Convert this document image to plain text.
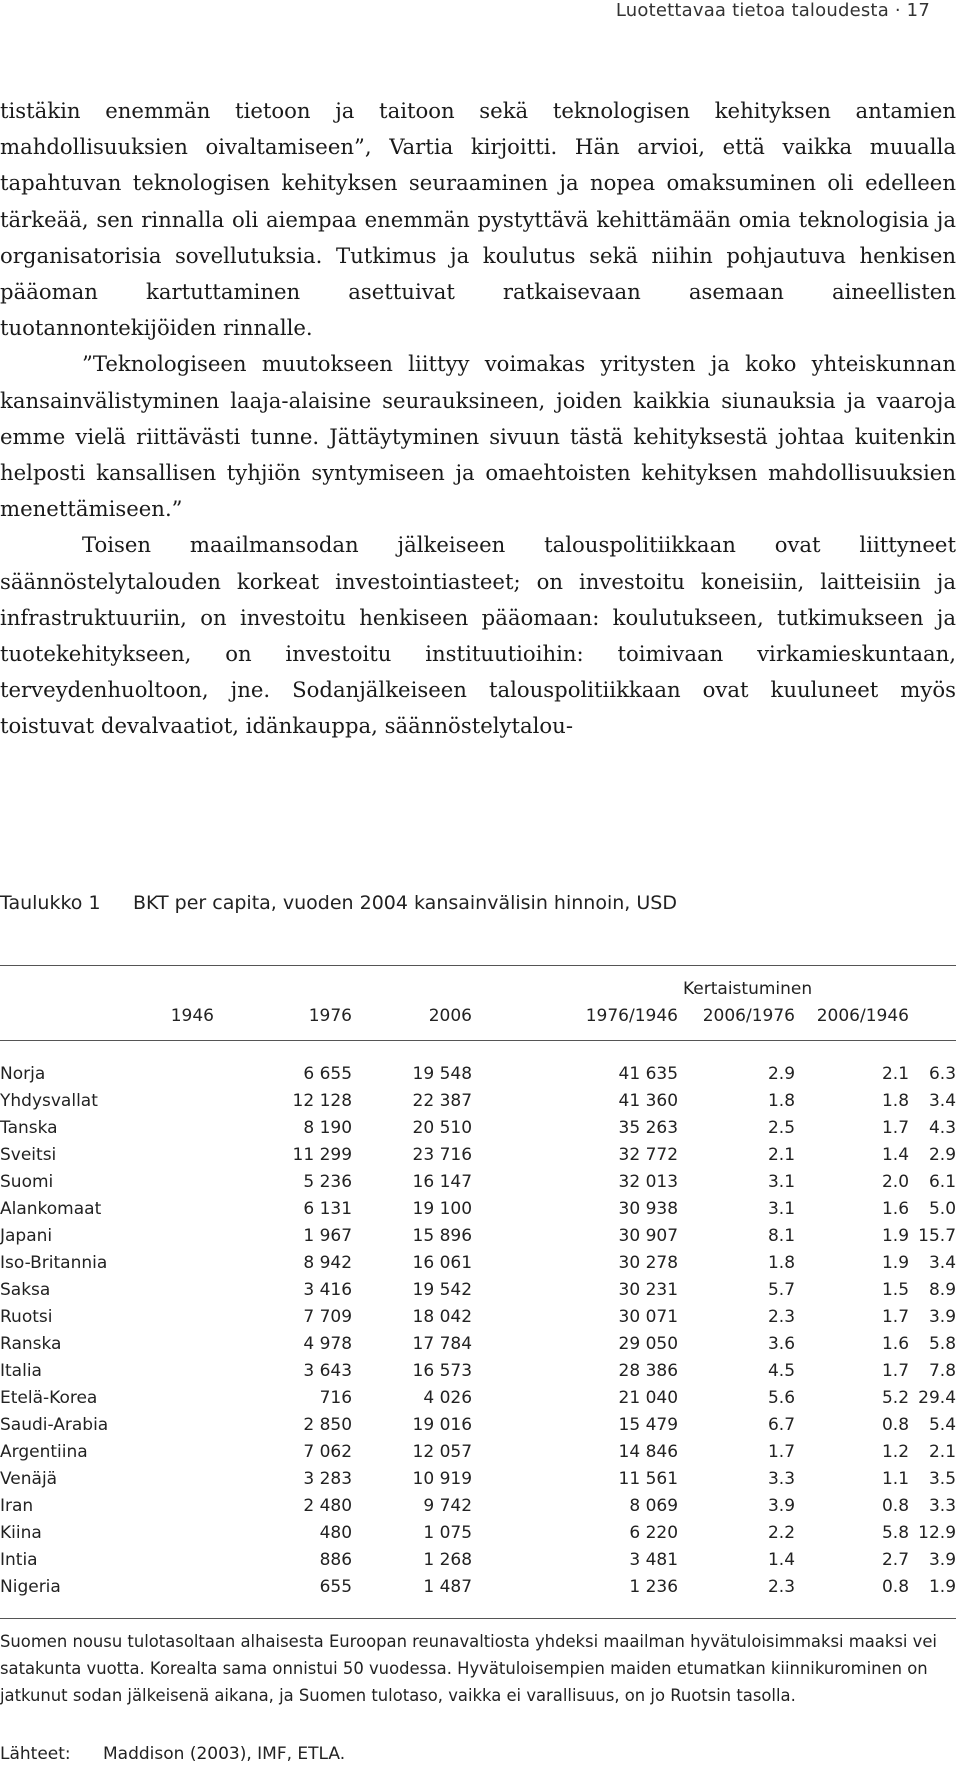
Luotettavaa tietoa taloudesta · 17

tistäkin enemmän tietoon ja taitoon sekä teknologisen kehityksen antamien mahdollisuuksien oivaltamiseen”, Vartia kirjoitti. Hän arvioi, että vaikka muualla tapahtuvan teknologisen kehityksen seuraaminen ja nopea omaksuminen oli edelleen tärkeää, sen rinnalla oli aiempaa enemmän pystyttävä kehittämään omia teknologisia ja organisatorisia sovellutuksia. Tutkimus ja koulutus sekä niihin pohjautuva henkisen pääoman kartuttaminen asettuivat ratkaisevaan asemaan aineellisten tuotannontekijöiden rinnalle.

”Teknologiseen muutokseen liittyy voimakas yritysten ja koko yhteiskunnan kansainvälistyminen laaja-alaisine seurauksineen, joiden kaikkia siunauksia ja vaaroja emme vielä riittävästi tunne. Jättäytyminen sivuun tästä kehityksestä johtaa kuitenkin helposti kansallisen tyhjiön syntymiseen ja omaehtoisten kehityksen mahdollisuuksien menettämiseen.”

Toisen maailmansodan jälkeiseen talouspolitiikkaan ovat liittyneet säännöstelytalouden korkeat investointiasteet; on investoitu koneisiin, laitteisiin ja infrastruktuuriin, on investoitu henkiseen pääomaan: koulutukseen, tutkimukseen ja tuotekehitykseen, on investoitu instituutioihin: toimivaan virkamieskuntaan, terveydenhuoltoon, jne. Sodanjälkeiseen talouspolitiikkaan ovat kuuluneet myös toistuvat devalvaatiot, idänkauppa, säännöstelytalou-

Taulukko 1 BKT per capita, vuoden 2004 kansainvälisin hinnoin, USD
Kertaistuminen
1946	1976	2006	1976/1946 2006/1976 2006/1946
Norja	6 655	19 548	41 635	2.9	2.1	6.3	
Yhdysvallat	12 128	22 387	41 360	1.8	1.8	3.4	
Tanska	8 190	20 510	35 263	2.5	1.7	4.3	
Sveitsi	11 299	23 716	32 772	2.1	1.4	2.9	
Suomi	5 236	16 147	32 013	3.1	2.0	6.1	
Alankomaat	6 131	19 100	30 938	3.1	1.6	5.0	
Japani	1 967	15 896	30 907	8.1	1.9	15.7	
Iso-Britannia	8 942	16 061	30 278	1.8	1.9	3.4	
Saksa	3 416	19 542	30 231	5.7	1.5	8.9	
Ruotsi	7 709	18 042	30 071	2.3	1.7	3.9	
Ranska	4 978	17 784	29 050	3.6	1.6	5.8	
Italia	3 643	16 573	28 386	4.5	1.7	7.8	
Etelä-Korea	716	4 026	21 040	5.6	5.2	29.4	
Saudi-Arabia	2 850	19 016	15 479	6.7	0.8	5.4	
Argentiina	7 062	12 057	14 846	1.7	1.2	2.1	
Venäjä	3 283	10 919	11 561	3.3	1.1	3.5	
Iran	2 480	9 742	8 069	3.9	0.8	3.3	
Kiina	480	1 075	6 220	2.2	5.8	12.9	
Intia	886	1 268	3 481	1.4	2.7	3.9	
Nigeria	655	1 487	1 236	2.3	0.8	1.9	
Suomen nousu tulotasoltaan alhaisesta Euroopan reunavaltiosta yhdeksi maailman hyvätuloisimmaksi maaksi vei satakunta vuotta. Korealta sama onnistui 50 vuodessa. Hyvätuloisempien maiden etumatkan kiinnikurominen on jatkunut sodan jälkeisenä aikana, ja Suomen tulotaso, vaikka ei varallisuus, on jo Ruotsin tasolla.
Lähteet: Maddison (2003), IMF, ETLA.
